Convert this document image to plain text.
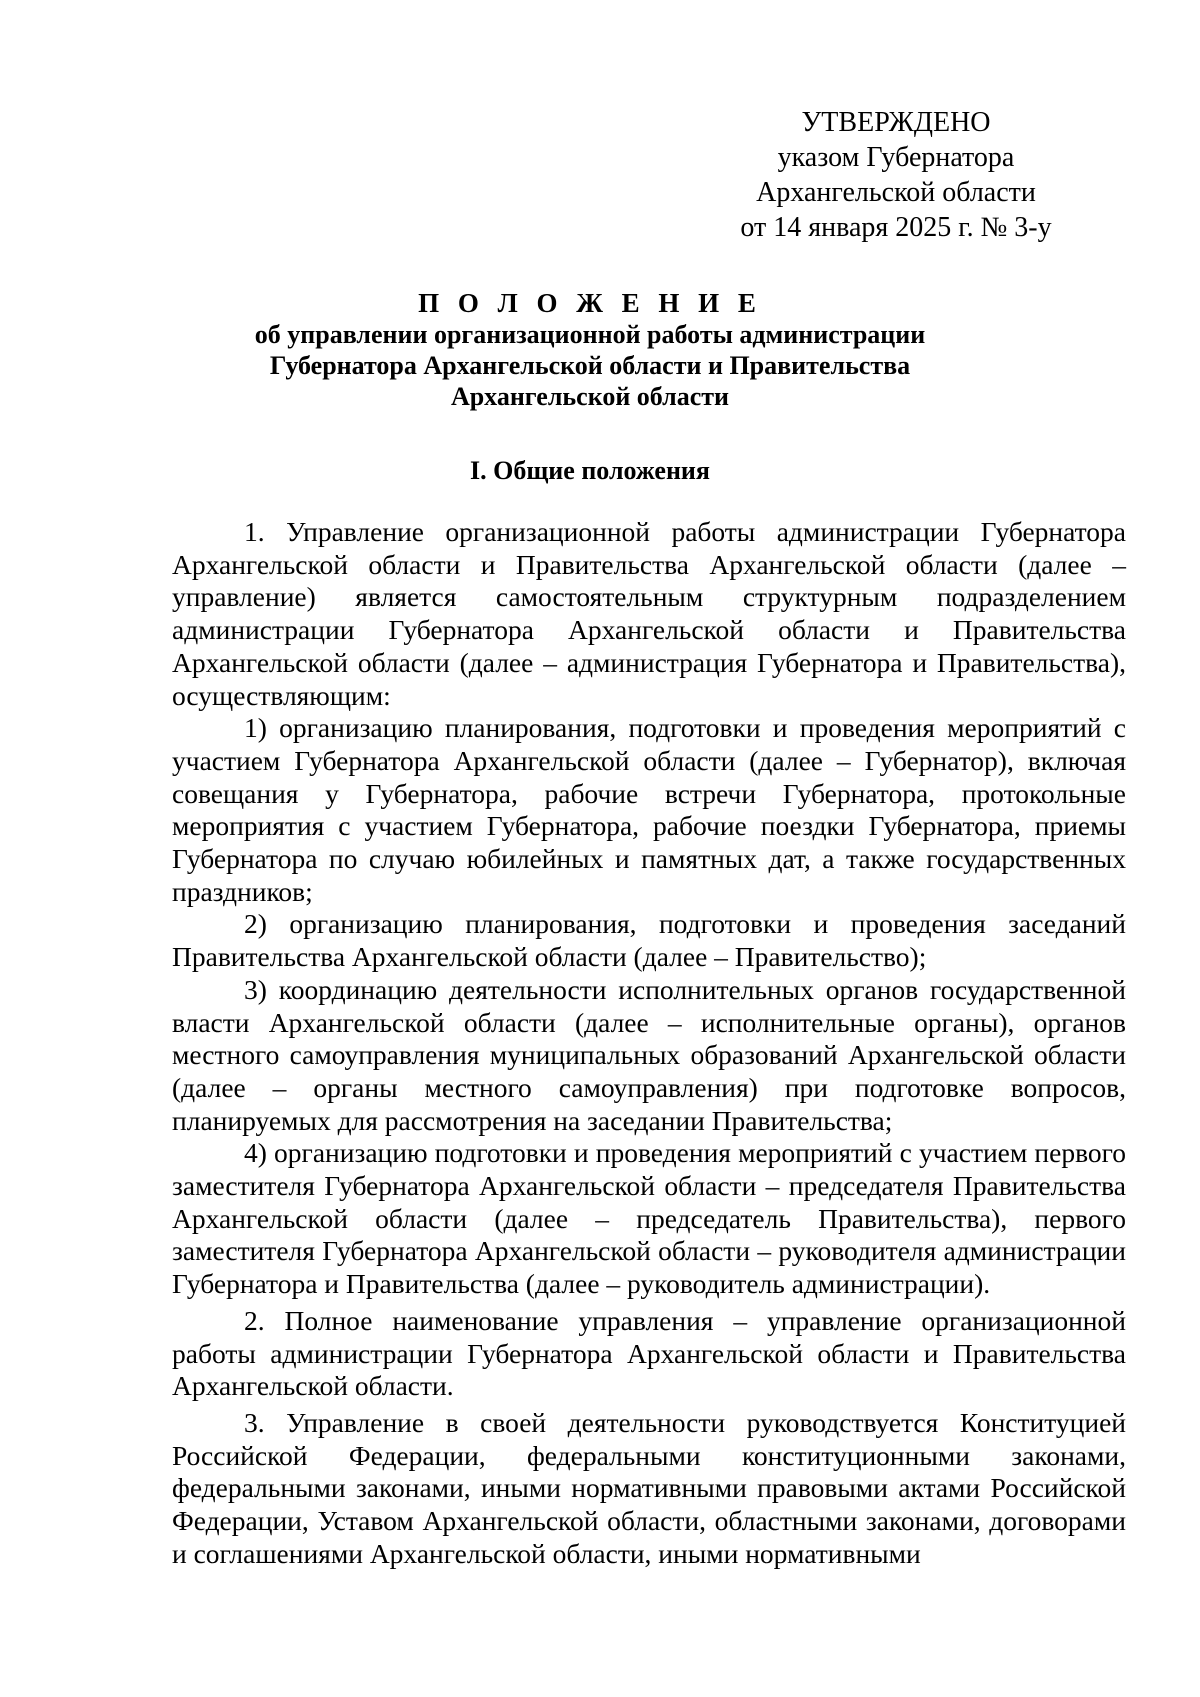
УТВЕРЖДЕНО
указом Губернатора
Архангельской области
от 14 января 2025 г. № 3-у
П О Л О Ж Е Н И Е
об управлении организационной работы администрации
Губернатора Архангельской области и Правительства
Архангельской области
I. Общие положения

1. Управление организационной работы администрации Губернатора Архангельской области и Правительства Архангельской области (далее – управление) является самостоятельным структурным подразделением администрации Губернатора Архангельской области и Правительства Архангельской области (далее – администрация Губернатора и Правительства), осуществляющим:

1) организацию планирования, подготовки и проведения мероприятий с участием Губернатора Архангельской области (далее – Губернатор), включая совещания у Губернатора, рабочие встречи Губернатора, протокольные мероприятия с участием Губернатора, рабочие поездки Губернатора, приемы Губернатора по случаю юбилейных и памятных дат, а также государственных праздников;

2) организацию планирования, подготовки и проведения заседаний Правительства Архангельской области (далее – Правительство);

3) координацию деятельности исполнительных органов государственной власти Архангельской области (далее – исполнительные органы), органов местного самоуправления муниципальных образований Архангельской области (далее – органы местного самоуправления) при подготовке вопросов, планируемых для рассмотрения на заседании Правительства;

4) организацию подготовки и проведения мероприятий с участием первого заместителя Губернатора Архангельской области – председателя Правительства Архангельской области (далее – председатель Правительства), первого заместителя Губернатора Архангельской области – руководителя администрации Губернатора и Правительства (далее – руководитель администрации).

2. Полное наименование управления – управление организационной работы администрации Губернатора Архангельской области и Правительства Архангельской области.

3. Управление в своей деятельности руководствуется Конституцией Российской Федерации, федеральными конституционными законами, федеральными законами, иными нормативными правовыми актами Российской Федерации, Уставом Архангельской области, областными законами, договорами и соглашениями Архангельской области, иными нормативными
